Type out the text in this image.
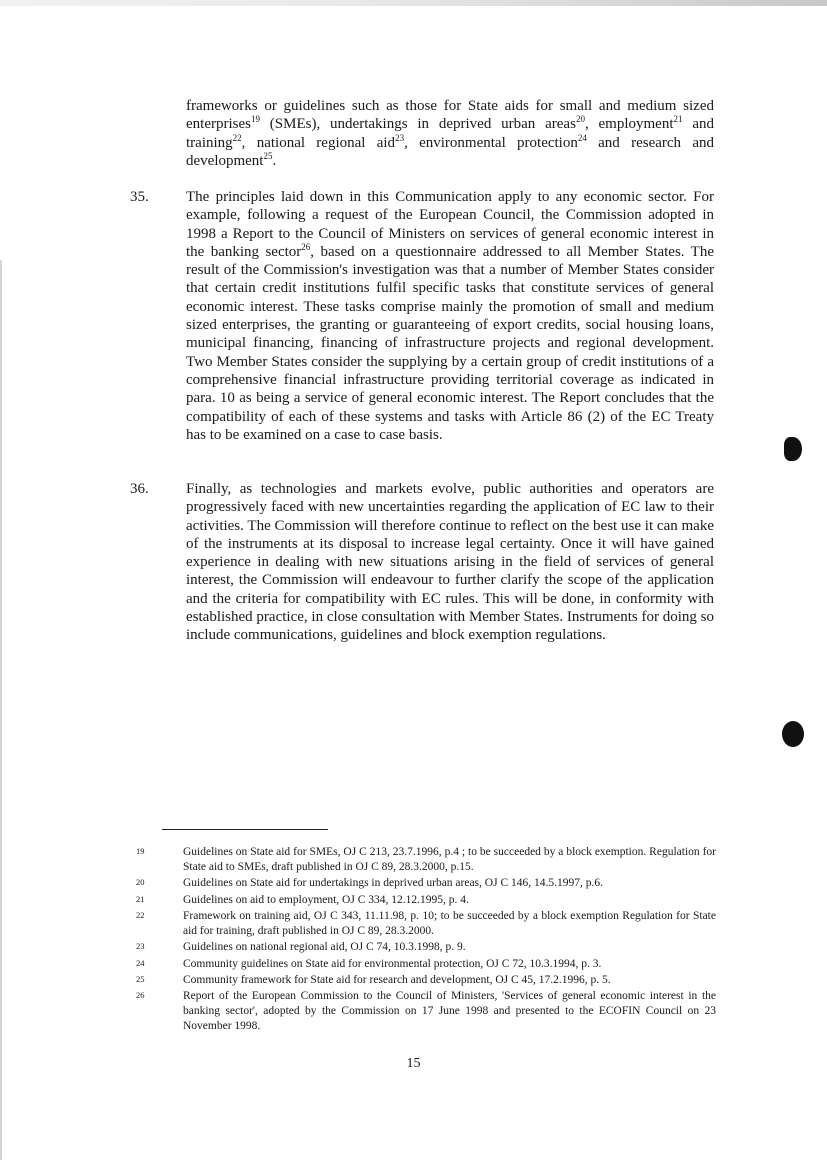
frameworks or guidelines such as those for State aids for small and medium sized enterprises$^{19}$ (SMEs), undertakings in deprived urban areas$^{20}$, employment$^{21}$ and training$^{22}$, national regional aid$^{23}$, environmental protection$^{24}$ and research and development$^{25}$.

35. The principles laid down in this Communication apply to any economic sector. For example, following a request of the European Council, the Commission adopted in 1998 a Report to the Council of Ministers on services of general economic interest in the banking sector$^{26}$, based on a questionnaire addressed to all Member States. The result of the Commission's investigation was that a number of Member States consider that certain credit institutions fulfil specific tasks that constitute services of general economic interest. These tasks comprise mainly the promotion of small and medium sized enterprises, the granting or guaranteeing of export credits, social housing loans, municipal financing, financing of infrastructure projects and regional development. Two Member States consider the supplying by a certain group of credit institutions of a comprehensive financial infrastructure providing territorial coverage as indicated in para. 10 as being a service of general economic interest. The Report concludes that the compatibility of each of these systems and tasks with Article 86 (2) of the EC Treaty has to be examined on a case to case basis.

36. Finally, as technologies and markets evolve, public authorities and operators are progressively faced with new uncertainties regarding the application of EC law to their activities. The Commission will therefore continue to reflect on the best use it can make of the instruments at its disposal to increase legal certainty. Once it will have gained experience in dealing with new situations arising in the field of services of general interest, the Commission will endeavour to further clarify the scope of the application and the criteria for compatibility with EC rules. This will be done, in conformity with established practice, in close consultation with Member States. Instruments for doing so include communications, guidelines and block exemption regulations.

19	Guidelines on State aid for SMEs, OJ C 213, 23.7.1996, p.4 ; to be succeeded by a block exemption. Regulation for State aid to SMEs, draft published in OJ C 89, 28.3.2000, p.15.
20	Guidelines on State aid for undertakings in deprived urban areas, OJ C 146, 14.5.1997, p.6.
21	Guidelines on aid to employment, OJ C 334, 12.12.1995, p. 4.
22	Framework on training aid, OJ C 343, 11.11.98, p. 10; to be succeeded by a block exemption Regulation for State aid for training, draft published in OJ C 89, 28.3.2000.
23	Guidelines on national regional aid, OJ C 74, 10.3.1998, p. 9.
24	Community guidelines on State aid for environmental protection, OJ C 72, 10.3.1994, p. 3.
25	Community framework for State aid for research and development, OJ C 45, 17.2.1996, p. 5.
26	Report of the European Commission to the Council of Ministers, 'Services of general economic interest in the banking sector', adopted by the Commission on 17 June 1998 and presented to the ECOFIN Council on 23 November 1998.
15
